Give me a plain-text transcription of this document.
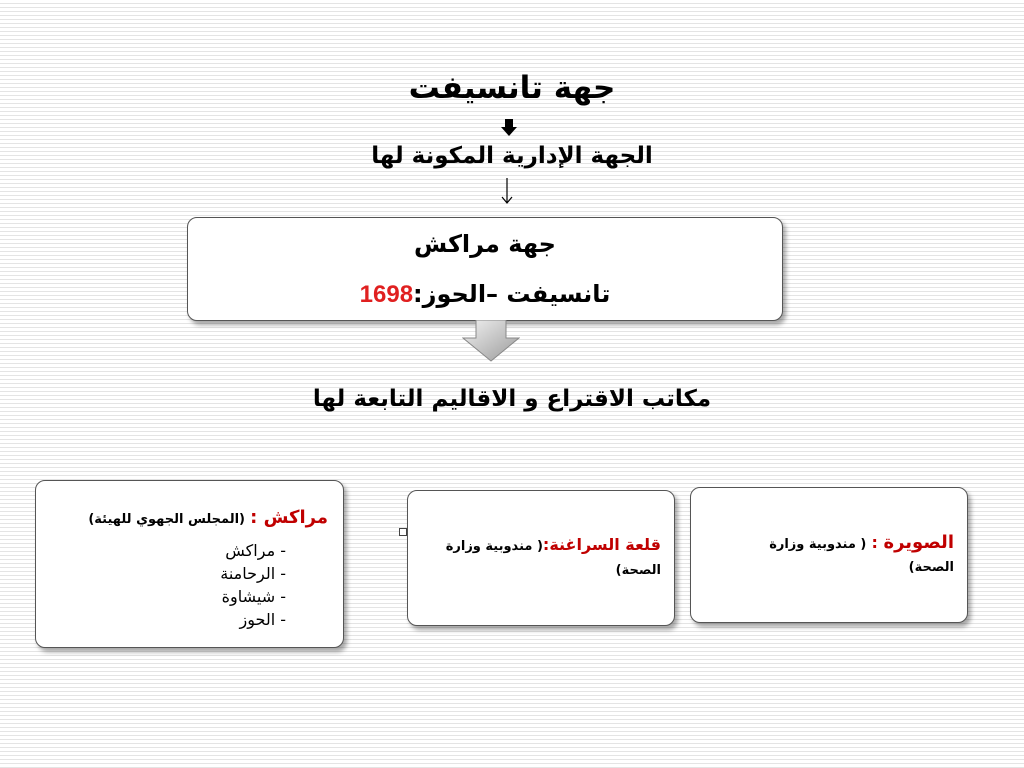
جهة تانسيفت
الجهة الإدارية المكونة لها

جهة مراكش

تانسيفت –الحوز:1698

مكاتب الاقتراع و الاقاليم التابعة لها
مراكش : (المجلس الجهوي للهيئة)
- مراكش
- الرحامنة
- شيشاوة
- الحوز
قلعة السراغنة:( مندوبية وزارة
الصحة)
الصويرة : ( مندوبية وزارة
الصحة)
